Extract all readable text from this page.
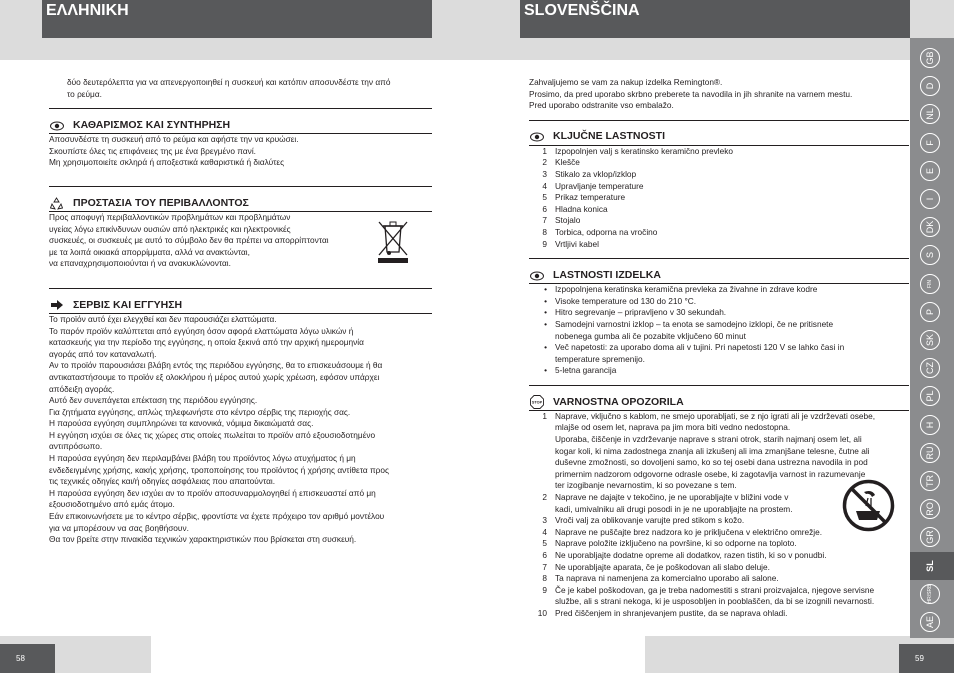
ΕΛΛΗΝΙΚΗ
δύο δευτερόλεπτα για να απενεργοποιηθεί η συσκευή και κατόπιν αποσυνδέστε την από
το ρεύμα.
ΚΑΘΑΡΙΣΜΟΣ ΚΑΙ ΣΥΝΤΗΡΗΣΗ
Αποσυνδέστε τη συσκευή από το ρεύμα και αφήστε την να κρυώσει.
Σκουπίστε όλες τις επιφάνειες της με ένα βρεγμένο πανί.
Μη χρησιμοποιείτε σκληρά ή αποξεστικά καθαριστικά ή διαλύτες
ΠΡΟΣΤΑΣΙΑ ΤΟΥ ΠΕΡΙΒΑΛΛΟΝΤΟΣ
Προς αποφυγή περιβαλλοντικών προβλημάτων και προβλημάτων
υγείας λόγω επικίνδυνων ουσιών από ηλεκτρικές και ηλεκτρονικές
συσκευές, οι συσκευές με αυτό το σύμβολο δεν θα πρέπει να απορρίπτονται
με τα λοιπά οικιακά απορρίμματα, αλλά να ανακτώνται,
να επαναχρησιμοποιούνται ή να ανακυκλώνονται.
ΣΕΡΒΙΣ ΚΑΙ ΕΓΓΥΗΣΗ
Το προϊόν αυτό έχει ελεγχθεί και δεν παρουσιάζει ελαττώματα.
Το παρόν προϊόν καλύπτεται από εγγύηση όσον αφορά ελαττώματα λόγω υλικών ή
κατασκευής για την περίοδο της εγγύησης, η οποία ξεκινά από την αρχική ημερομηνία
αγοράς από τον καταναλωτή.
Αν το προϊόν παρουσιάσει βλάβη εντός της περιόδου εγγύησης, θα το επισκευάσουμε ή θα
αντικαταστήσουμε το προϊόν εξ ολοκλήρου ή μέρος αυτού χωρίς χρέωση, εφόσον υπάρχει
απόδειξη αγοράς.
Αυτό δεν συνεπάγεται επέκταση της περιόδου εγγύησης.
Για ζητήματα εγγύησης, απλώς τηλεφωνήστε στο κέντρο σέρβις της περιοχής σας.
Η παρούσα εγγύηση συμπληρώνει τα κανονικά, νόμιμα δικαιώματά σας.
Η εγγύηση ισχύει σε όλες τις χώρες στις οποίες πωλείται το προϊόν από εξουσιοδοτημένο
αντιπρόσωπο.
Η παρούσα εγγύηση δεν περιλαμβάνει βλάβη του προϊόντος λόγω ατυχήματος ή μη
ενδεδειγμένης χρήσης, κακής χρήσης, τροποποίησης του προϊόντος ή χρήσης αντίθετα προς
τις τεχνικές οδηγίες και/ή οδηγίες ασφάλειας που απαιτούνται.
Η παρούσα εγγύηση δεν ισχύει αν το προϊόν αποσυναρμολογηθεί ή επισκευαστεί από μη
εξουσιοδοτημένο από εμάς άτομο.
Εάν επικοινωνήσετε με το κέντρο σέρβις, φροντίστε να έχετε πρόχειρο τον αριθμό μοντέλου
για να μπορέσουν να σας βοηθήσουν.
Θα τον βρείτε στην πινακίδα τεχνικών χαρακτηριστικών που βρίσκεται στη συσκευή.
58
SLOVENŠČINA
Zahvaljujemo se vam za nakup izdelka Remington®.
Prosimo, da pred uporabo skrbno preberete ta navodila in jih shranite na varnem mestu.
Pred uporabo odstranite vso embalažo.
KLJUČNE LASTNOSTI
1 Izpopolnjen valj s keratinsko keramično prevleko
2 Klešče
3 Stikalo za vklop/izklop
4 Upravljanje temperature
5 Prikaz temperature
6 Hladna konica
7 Stojalo
8 Torbica, odporna na vročino
9 Vrtljivi kabel
LASTNOSTI IZDELKA
• Izpopolnjena keratinska keramična prevleka za živahne in zdrave kodre
• Visoke temperature od 130 do 210 °C.
• Hitro segrevanje – pripravljeno v 30 sekundah.
• Samodejni varnostni izklop – ta enota se samodejno izklopi, če ne pritisnete
nobenega gumba ali če pozabite vključeno 60 minut
• Več napetosti: za uporabo doma ali v tujini. Pri napetosti 120 V se lahko časi in
temperature spremenijo.
• 5-letna garancija
STOP VARNOSTNA OPOZORILA
1 Naprave, vključno s kablom, ne smejo uporabljati, se z njo igrati ali je vzdrževati osebe,
mlajše od osem let, naprava pa jim mora biti vedno nedostopna.
Uporaba, čiščenje in vzdrževanje naprave s strani otrok, starih najmanj osem let, ali
kogar koli, ki nima zadostnega znanja ali izkušenj ali ima zmanjšane telesne, čutne ali
duševne zmožnosti, so dovoljeni samo, ko so tej osebi dana ustrezna navodila in pod
primernim nadzorom odgovorne odrasle osebe, ki zagotavlja varnost in razumevanje
ter izogibanje nevarnostim, ki so povezane s tem.
2 Naprave ne dajajte v tekočino, je ne uporabljajte v bližini vode v
kadi, umivalniku ali drugi posodi in je ne uporabljajte na prostem.
3 Vroči valj za oblikovanje varujte pred stikom s kožo.
4 Naprave ne puščajte brez nadzora ko je priključena v električno omrežje.
5 Naprave položite izključeno na površine, ki so odporne na toploto.
6 Ne uporabljajte dodatne opreme ali dodatkov, razen tistih, ki so v ponudbi.
7 Ne uporabljajte aparata, če je poškodovan ali slabo deluje.
8 Ta naprava ni namenjena za komercialno uporabo ali salone.
9 Če je kabel poškodovan, ga je treba nadomestiti s strani proizvajalca, njegove servisne
službe, ali s strani nekoga, ki je usposobljen in pooblaščen, da bi se izognili nevarnosti.
10 Pred čiščenjem in shranjevanjem pustite, da se naprava ohladi.
59
GB
D
NL
F
E
I
DK
S
FIN
P
SK
CZ
PL
H
RU
TR
RO
GR
SL
HR/SRB
AE
